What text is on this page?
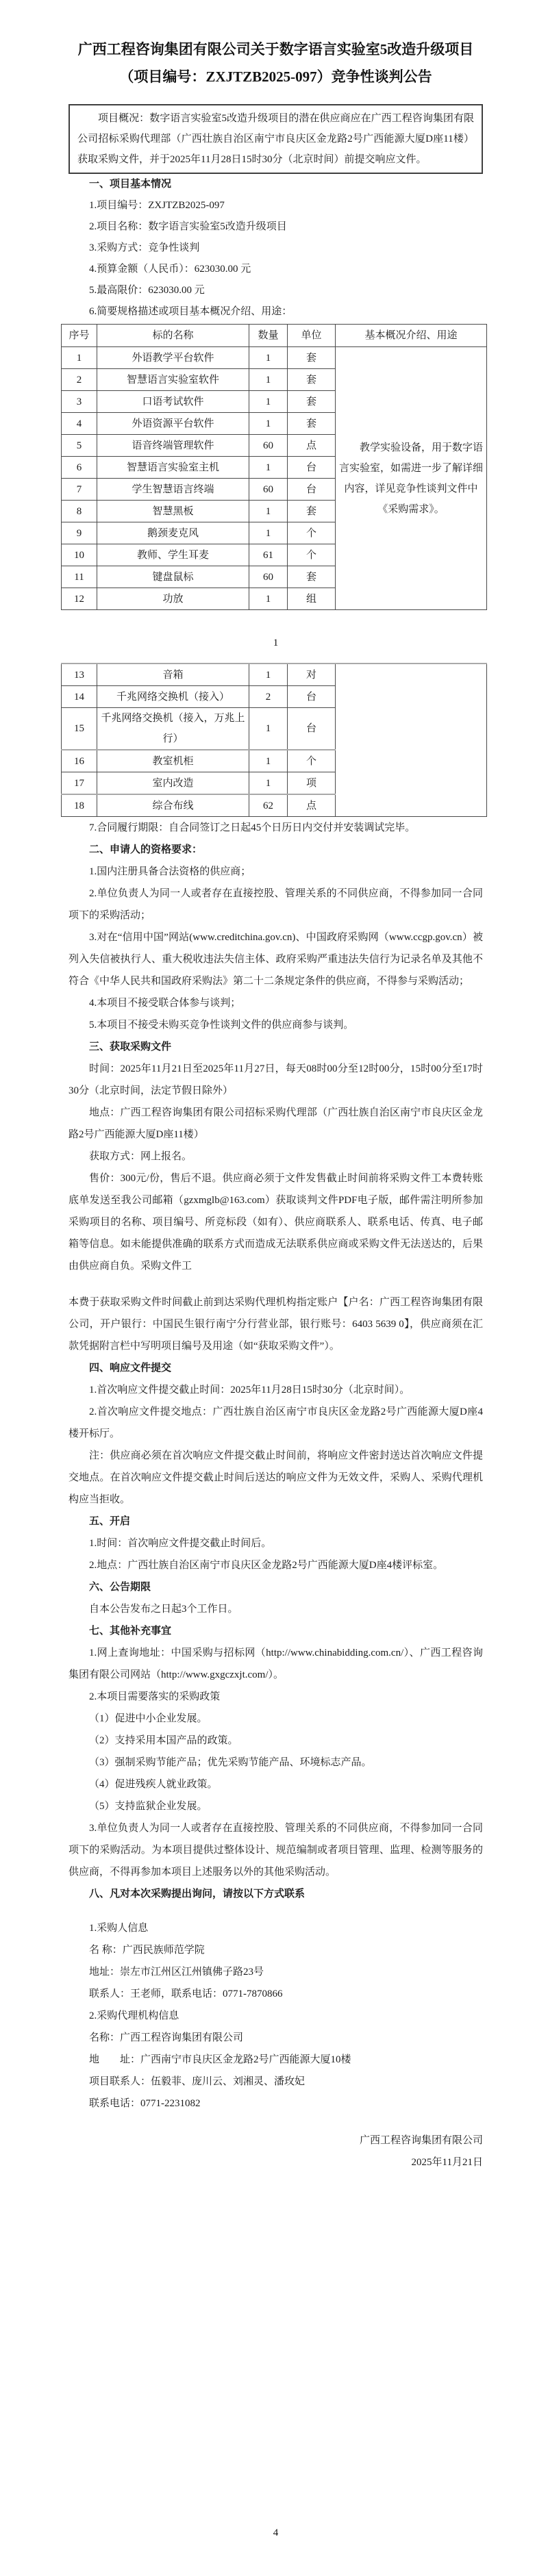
广西工程咨询集团有限公司关于数字语言实验室5改造升级项目
（项目编号：ZXJTZB2025-097）竞争性谈判公告

项目概况：数字语言实验室5改造升级项目的潜在供应商应在广西工程咨询集团有限公司招标采购代理部（广西壮族自治区南宁市良庆区金龙路2号广西能源大厦D座11楼）获取采购文件，并于2025年11月28日15时30分（北京时间）前提交响应文件。

一、项目基本情况

1.项目编号：ZXJTZB2025-097

2.项目名称：数字语言实验室5改造升级项目

3.采购方式：竞争性谈判

4.预算金额（人民币）：623030.00 元

5.最高限价：623030.00 元

6.简要规格描述或项目基本概况介绍、用途：

序号	标的名称	数量	单位	基本概况介绍、用途
1	外语教学平台软件	1	套	教学实验设备，用于数字语言实验室，如需进一步了解详细内容，详见竞争性谈判文件中《采购需求》。
2	智慧语言实验室软件	1	套	
3	口语考试软件	1	套	
4	外语资源平台软件	1	套	
5	语音终端管理软件	60	点	
6	智慧语言实验室主机	1	台	
7	学生智慧语言终端	60	台	
8	智慧黑板	1	套	
9	鹅颈麦克风	1	个	
10	教师、学生耳麦	61	个	
11	键盘鼠标	60	套	
12	功放	1	组	
1
13	音箱	1	对	
14	千兆网络交换机（接入）	2	台	
15	千兆网络交换机（接入，万兆上行）	1	台	
16	教室机柜	1	个	
17	室内改造	1	项	
18	综合布线	62	点	

7.合同履行期限：自合同签订之日起45个日历日内交付并安装调试完毕。

二、申请人的资格要求：

1.国内注册具备合法资格的供应商；

2.单位负责人为同一人或者存在直接控股、管理关系的不同供应商，不得参加同一合同项下的采购活动；

3.对在“信用中国”网站(www.creditchina.gov.cn)、中国政府采购网（www.ccgp.gov.cn）被列入失信被执行人、重大税收违法失信主体、政府采购严重违法失信行为记录名单及其他不符合《中华人民共和国政府采购法》第二十二条规定条件的供应商，不得参与采购活动；

4.本项目不接受联合体参与谈判；

5.本项目不接受未购买竞争性谈判文件的供应商参与谈判。

三、获取采购文件

时间：2025年11月21日至2025年11月27日，每天08时00分至12时00分，15时00分至17时30分（北京时间，法定节假日除外）

地点：广西工程咨询集团有限公司招标采购代理部（广西壮族自治区南宁市良庆区金龙路2号广西能源大厦D座11楼）

获取方式：网上报名。

售价：300元/份，售后不退。供应商必须于文件发售截止时间前将采购文件工本费转账底单发送至我公司邮箱（gzxmglb@163.com）获取谈判文件PDF电子版，邮件需注明所参加采购项目的名称、项目编号、所竞标段（如有）、供应商联系人、联系电话、传真、电子邮箱等信息。如未能提供准确的联系方式而造成无法联系供应商或采购文件无法送达的，后果由供应商自负。采购文件工

本费于获取采购文件时间截止前到达采购代理机构指定账户【户名：广西工程咨询集团有限公司，开户银行：中国民生银行南宁分行营业部，银行账号：6403 5639 0】，供应商须在汇款凭据附言栏中写明项目编号及用途（如“获取采购文件”）。

四、响应文件提交

1.首次响应文件提交截止时间：2025年11月28日15时30分（北京时间）。

2.首次响应文件提交地点：广西壮族自治区南宁市良庆区金龙路2号广西能源大厦D座4楼开标厅。

注：供应商必须在首次响应文件提交截止时间前，将响应文件密封送达首次响应文件提交地点。在首次响应文件提交截止时间后送达的响应文件为无效文件，采购人、采购代理机构应当拒收。

五、开启

1.时间：首次响应文件提交截止时间后。

2.地点：广西壮族自治区南宁市良庆区金龙路2号广西能源大厦D座4楼评标室。

六、公告期限

自本公告发布之日起3个工作日。

七、其他补充事宜

1.网上查询地址：中国采购与招标网（http://www.chinabidding.com.cn/）、广西工程咨询集团有限公司网站（http://www.gxgczxjt.com/）。

2.本项目需要落实的采购政策

（1）促进中小企业发展。

（2）支持采用本国产品的政策。

（3）强制采购节能产品；优先采购节能产品、环境标志产品。

（4）促进残疾人就业政策。

（5）支持监狱企业发展。

3.单位负责人为同一人或者存在直接控股、管理关系的不同供应商，不得参加同一合同项下的采购活动。为本项目提供过整体设计、规范编制或者项目管理、监理、检测等服务的供应商，不得再参加本项目上述服务以外的其他采购活动。

八、凡对本次采购提出询问，请按以下方式联系

1.采购人信息

名 称：广西民族师范学院

地址：崇左市江州区江州镇佛子路23号

联系人：王老师，联系电话：0771-7870866

2.采购代理机构信息

名称：广西工程咨询集团有限公司

地　　址：广西南宁市良庆区金龙路2号广西能源大厦10楼

项目联系人：伍毅菲、庞川云、刘湘灵、潘玫妃

联系电话：0771-2231082

广西工程咨询集团有限公司
2025年11月21日
4
